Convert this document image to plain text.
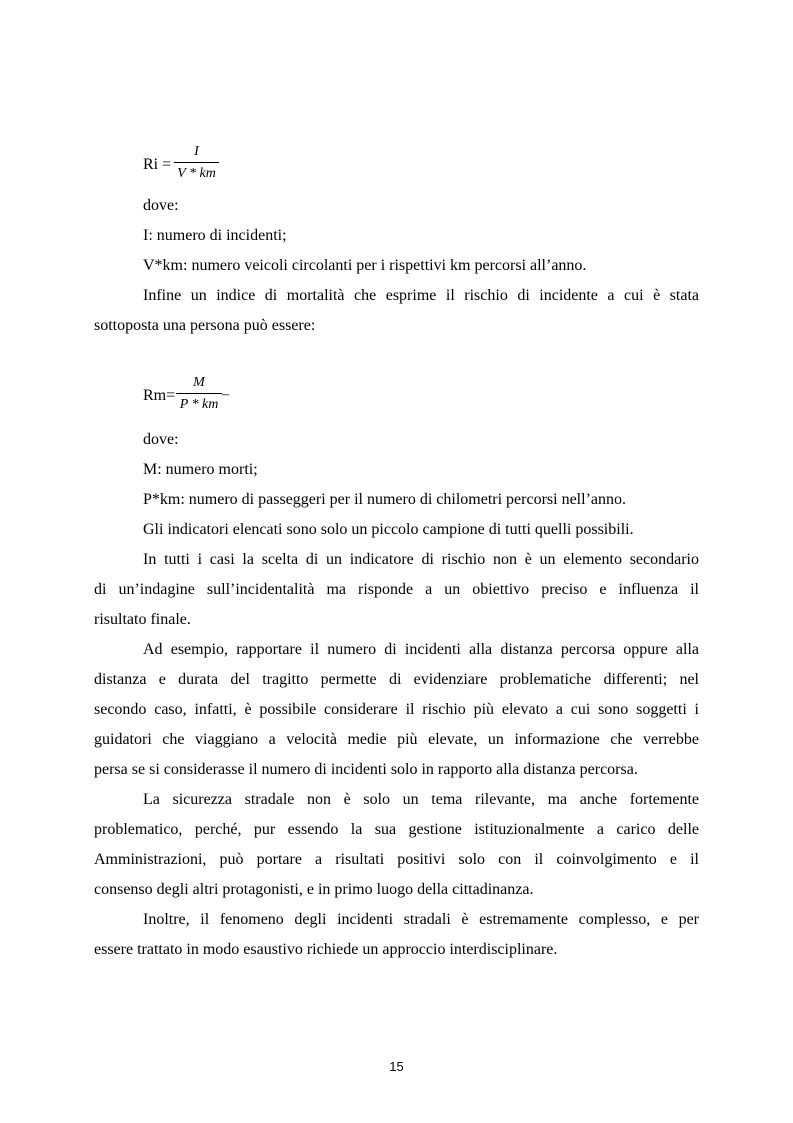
Ri =
I
V * km
dove:
I: numero di incidenti;
V*km: numero veicoli circolanti per i rispettivi km percorsi all’anno.
Infine un indice di mortalità che esprime il rischio di incidente a cui è stata
sottoposta una persona può essere:
Rm=
M
P * km
–
dove:
M: numero morti;
P*km: numero di passeggeri per il numero di chilometri percorsi nell’anno.
Gli indicatori elencati sono solo un piccolo campione di tutti quelli possibili.
In tutti i casi la scelta di un indicatore di rischio non è un elemento secondario
di un’indagine sull’incidentalità ma risponde a un obiettivo preciso e influenza il
risultato finale.
Ad esempio, rapportare il numero di incidenti alla distanza percorsa oppure alla
distanza e durata del tragitto permette di evidenziare problematiche differenti; nel
secondo caso, infatti, è possibile considerare il rischio più elevato a cui sono soggetti i
guidatori che viaggiano a velocità medie più elevate, un informazione che verrebbe
persa se si considerasse il numero di incidenti solo in rapporto alla distanza percorsa.
La sicurezza stradale non è solo un tema rilevante, ma anche fortemente
problematico, perché, pur essendo la sua gestione istituzionalmente a carico delle
Amministrazioni, può portare a risultati positivi solo con il coinvolgimento e il
consenso degli altri protagonisti, e in primo luogo della cittadinanza.
Inoltre, il fenomeno degli incidenti stradali è estremamente complesso, e per
essere trattato in modo esaustivo richiede un approccio interdisciplinare.
15
